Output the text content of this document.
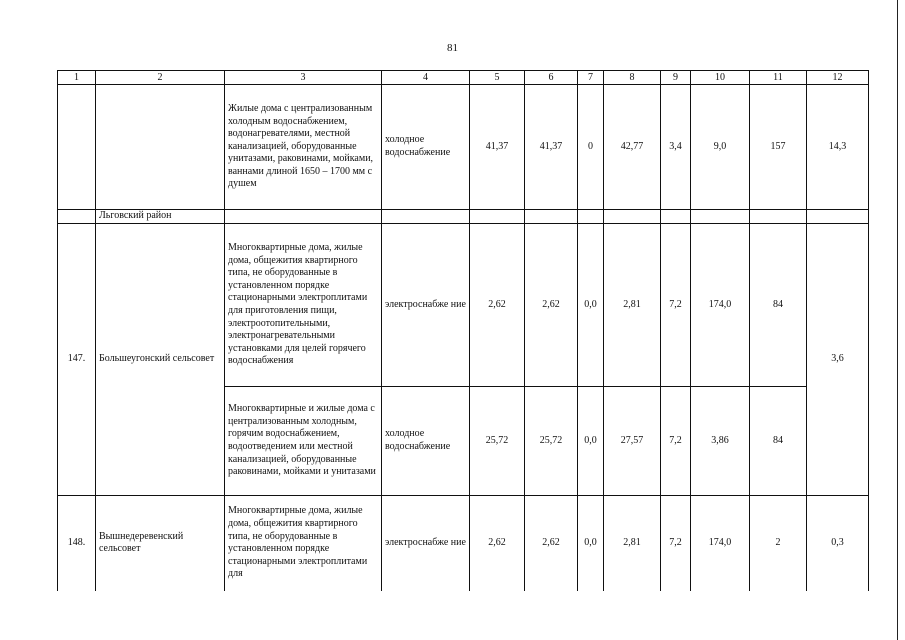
81
1	2	3	4	5	6	7	8	9	10	11	12
		Жилые дома с централизованным холодным водоснабжением, водонагревателями, местной канализацией, оборудованные унитазами, раковинами, мойками, ваннами длиной 1650 – 1700 мм с душем	холодное водоснабжение	41,37	41,37	0	42,77	3,4	9,0	157	14,3
	Льговский район										
147.	Большеугонский сельсовет	Многоквартирные дома, жилые дома, общежития квартирного типа, не оборудованные в установленном порядке стационарными электроплитами для приготовления пищи, электроотопительными, электронагревательными установками для целей горячего водоснабжения	электроснабже ние	2,62	2,62	0,0	2,81	7,2	174,0	84	3,6
		Многоквартирные и жилые дома с централизованным холодным, горячим водоснабжением, водоотведением или местной канализацией, оборудованные раковинами, мойками и унитазами	холодное водоснабжение	25,72	25,72	0,0	27,57	7,2	3,86	84	
148.	Вышнедеревенский сельсовет	Многоквартирные дома, жилые дома, общежития квартирного типа, не оборудованные в установленном порядке стационарными электроплитами для	электроснабже ние	2,62	2,62	0,0	2,81	7,2	174,0	2	0,3
